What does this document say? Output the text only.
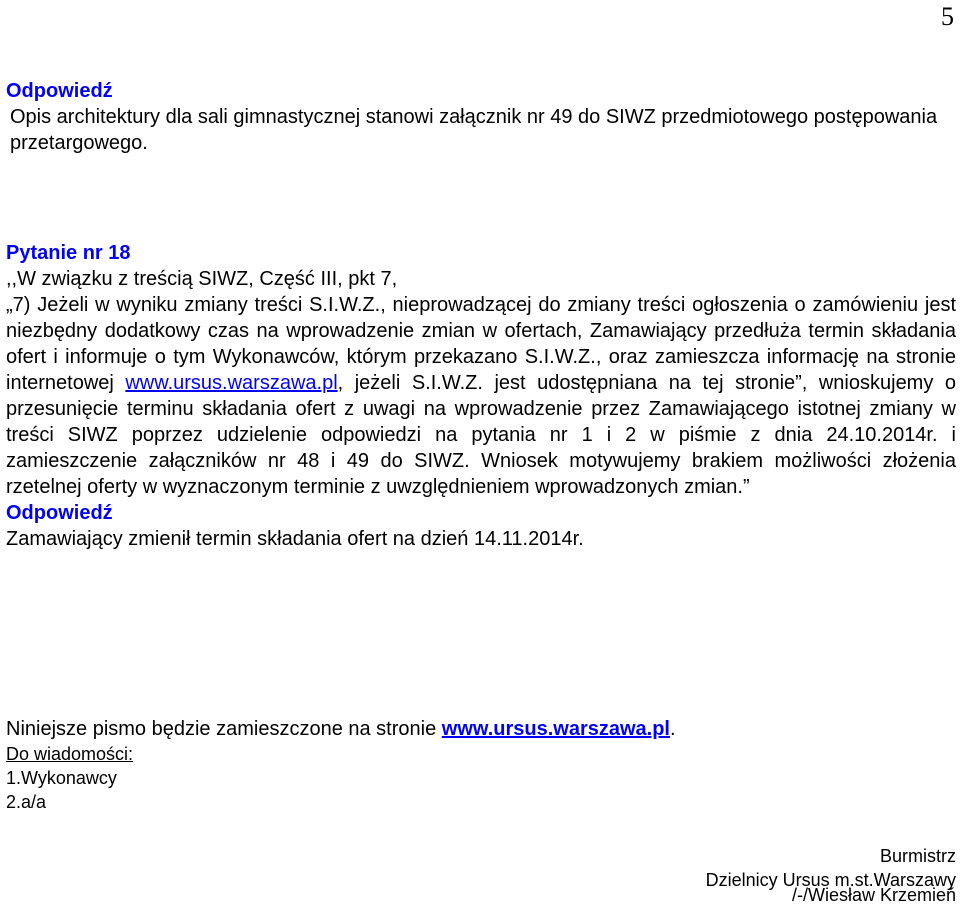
5
Odpowiedź
Opis architektury dla sali gimnastycznej stanowi załącznik nr 49 do SIWZ przedmiotowego postępowania przetargowego.
Pytanie nr 18
,,W związku z treścią SIWZ, Część III, pkt 7,
„7) Jeżeli w wyniku zmiany treści S.I.W.Z., nieprowadzącej do zmiany treści ogłoszenia o zamówieniu jest niezbędny dodatkowy czas na wprowadzenie zmian w ofertach, Zamawiający przedłuża termin składania ofert i informuje o tym Wykonawców, którym przekazano S.I.W.Z., oraz zamieszcza informację na stronie internetowej www.ursus.warszawa.pl, jeżeli S.I.W.Z. jest udostępniana na tej stronie”, wnioskujemy o przesunięcie terminu składania ofert z uwagi na wprowadzenie przez Zamawiającego istotnej zmiany w treści SIWZ poprzez udzielenie odpowiedzi na pytania nr 1 i 2 w piśmie z dnia 24.10.2014r. i zamieszczenie załączników nr 48 i 49 do SIWZ. Wniosek motywujemy brakiem możliwości złożenia rzetelnej oferty w wyznaczonym terminie z uwzględnieniem wprowadzonych zmian.”
Odpowiedź
Zamawiający zmienił termin składania ofert na dzień 14.11.2014r.
Niniejsze pismo będzie zamieszczone na stronie www.ursus.warszawa.pl.
Do wiadomości:
1.Wykonawcy
2.a/a
Burmistrz
Dzielnicy Ursus m.st.Warszawy
/-/Wiesław Krzemień
